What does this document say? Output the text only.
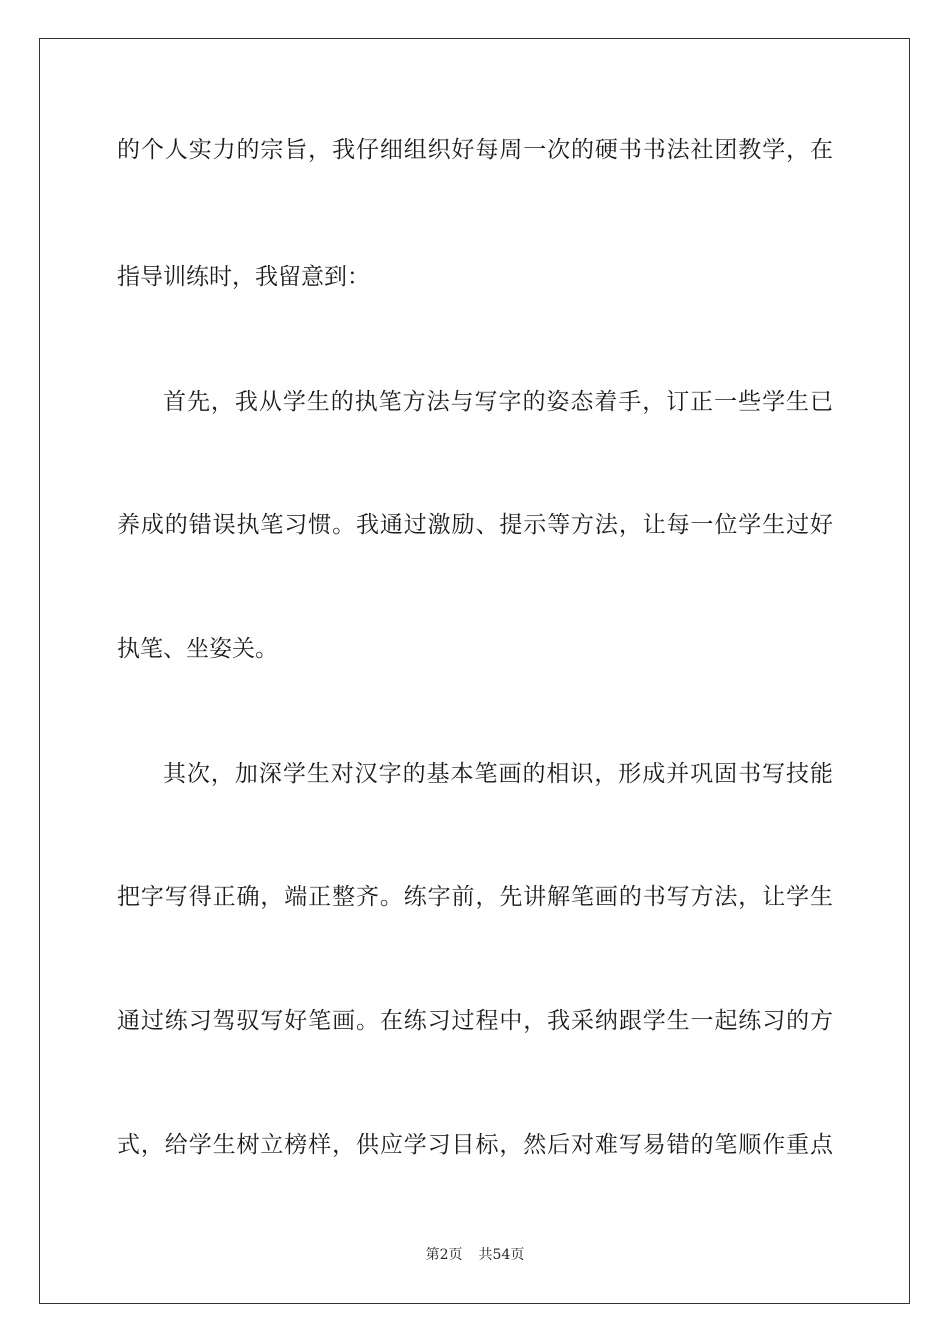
的个人实力的宗旨，我仔细组织好每周一次的硬书书法社团教学，在
指导训练时，我留意到：
首先，我从学生的执笔方法与写字的姿态着手，订正一些学生已
养成的错误执笔习惯。我通过激励、提示等方法，让每一位学生过好
执笔、坐姿关。
其次，加深学生对汉字的基本笔画的相识，形成并巩固书写技能
把字写得正确，端正整齐。练字前，先讲解笔画的书写方法，让学生
通过练习驾驭写好笔画。在练习过程中，我采纳跟学生一起练习的方
式，给学生树立榜样，供应学习目标，然后对难写易错的笔顺作重点
第2页 共54页
